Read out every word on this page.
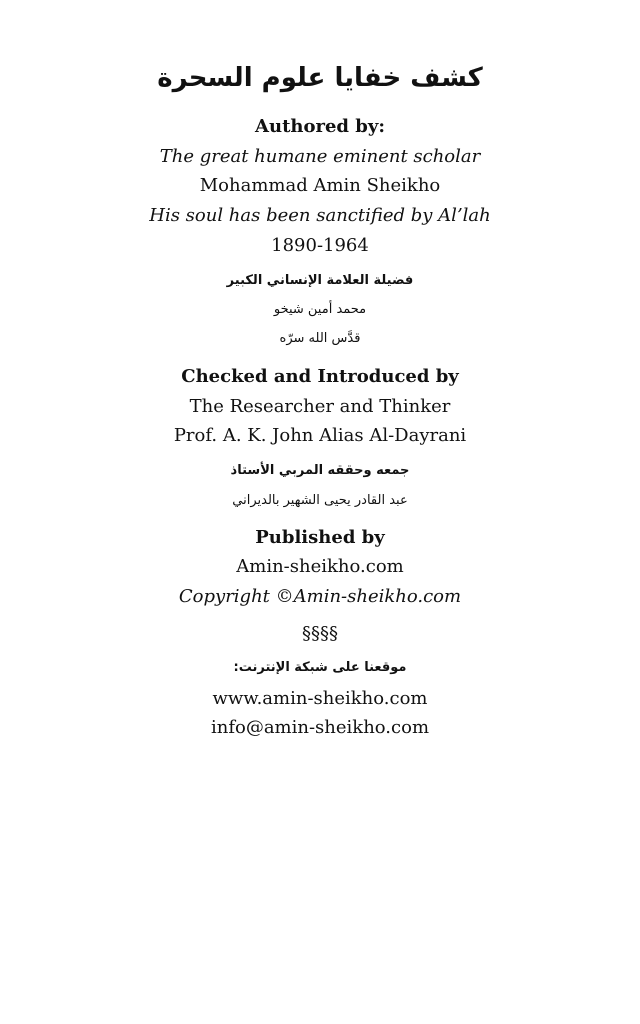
كشف خفايا علوم السحرة
Authored by:
The great humane eminent scholar
Mohammad Amin Sheikho
His soul has been sanctified by Al’lah
1890-1964
فضيلة العلامة الإنساني الكبير
محمد أمين شيخو
قدَّس الله سرّه
Checked and Introduced by
The Researcher and Thinker
Prof. A. K. John Alias Al-Dayrani
جمعه وحققه المربي الأستاذ
عبد القادر يحيى الشهير بالديراني
Published by
Amin-sheikho.com
Copyright ©Amin-sheikho.com
§§§§
موقعنا على شبكة الإنترنت:
www.amin-sheikho.com
info@amin-sheikho.com
